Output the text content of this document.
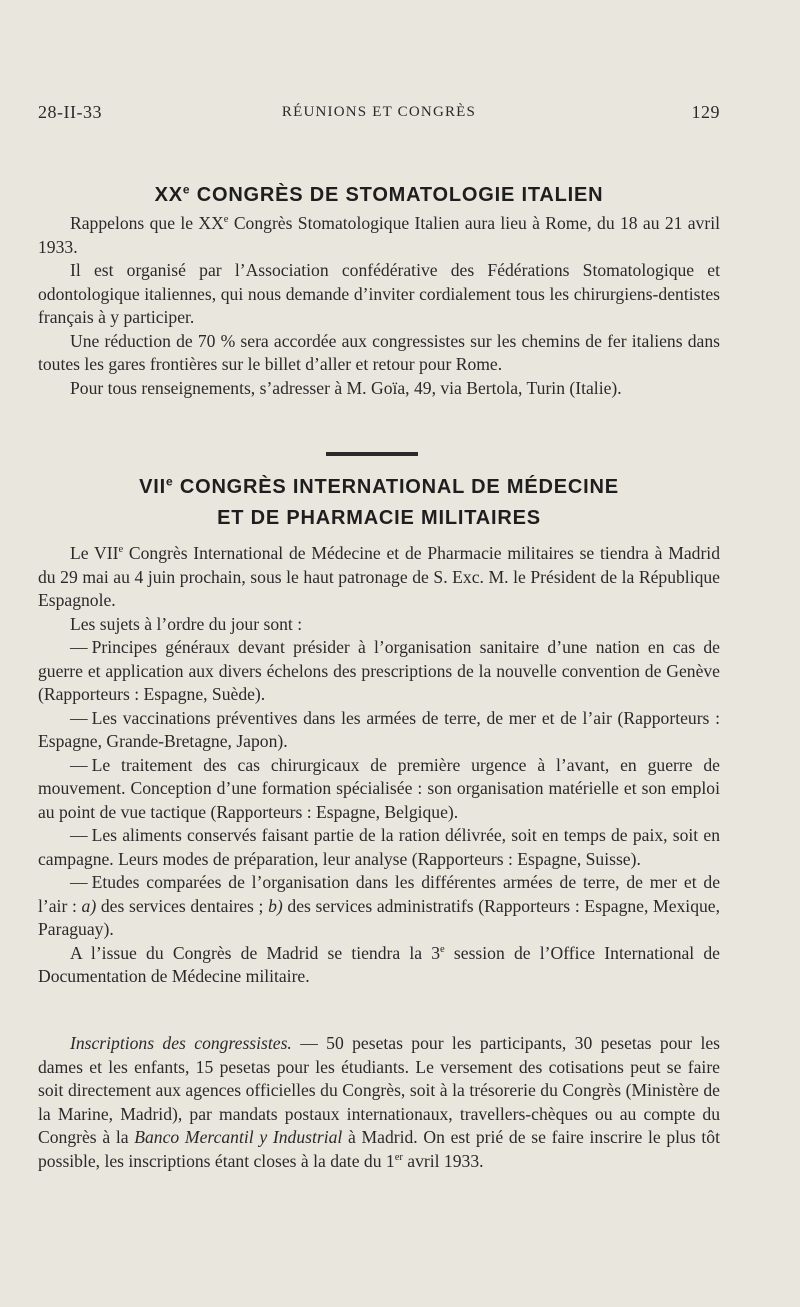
28-II-33	RÉUNIONS ET CONGRÈS	129
XXe CONGRÈS DE STOMATOLOGIE ITALIEN

Rappelons que le XXe Congrès Stomatologique Italien aura lieu à Rome, du 18 au 21 avril 1933.

Il est organisé par l’Association confédérative des Fédérations Stomatologique et odontologique italiennes, qui nous demande d’inviter cordialement tous les chirurgiens-dentistes français à y participer.

Une réduction de 70 % sera accordée aux congressistes sur les chemins de fer italiens dans toutes les gares frontières sur le billet d’aller et retour pour Rome.

Pour tous renseignements, s’adresser à M. Goïa, 49, via Bertola, Turin (Italie).

VIIe CONGRÈS INTERNATIONAL DE MÉDECINE
ET DE PHARMACIE MILITAIRES

Le VIIe Congrès International de Médecine et de Pharmacie militaires se tiendra à Madrid du 29 mai au 4 juin prochain, sous le haut patronage de S. Exc. M. le Président de la République Espagnole.

Les sujets à l’ordre du jour sont :

— Principes généraux devant présider à l’organisation sanitaire d’une nation en cas de guerre et application aux divers échelons des prescriptions de la nouvelle convention de Genève (Rapporteurs : Espagne, Suède).

— Les vaccinations préventives dans les armées de terre, de mer et de l’air (Rapporteurs : Espagne, Grande-Bretagne, Japon).

— Le traitement des cas chirurgicaux de première urgence à l’avant, en guerre de mouvement. Conception d’une formation spécialisée : son organisation matérielle et son emploi au point de vue tactique (Rapporteurs : Espagne, Belgique).

— Les aliments conservés faisant partie de la ration délivrée, soit en temps de paix, soit en campagne. Leurs modes de préparation, leur analyse (Rapporteurs : Espagne, Suisse).

— Etudes comparées de l’organisation dans les différentes armées de terre, de mer et de l’air : a) des services dentaires ; b) des services administratifs (Rapporteurs : Espagne, Mexique, Paraguay).

A l’issue du Congrès de Madrid se tiendra la 3e session de l’Office International de Documentation de Médecine militaire.

Inscriptions des congressistes. — 50 pesetas pour les participants, 30 pesetas pour les dames et les enfants, 15 pesetas pour les étudiants. Le versement des cotisations peut se faire soit directement aux agences officielles du Congrès, soit à la trésorerie du Congrès (Ministère de la Marine, Madrid), par mandats postaux internationaux, travellers-chèques ou au compte du Congrès à la Banco Mercantil y Industrial à Madrid. On est prié de se faire inscrire le plus tôt possible, les inscriptions étant closes à la date du 1er avril 1933.
